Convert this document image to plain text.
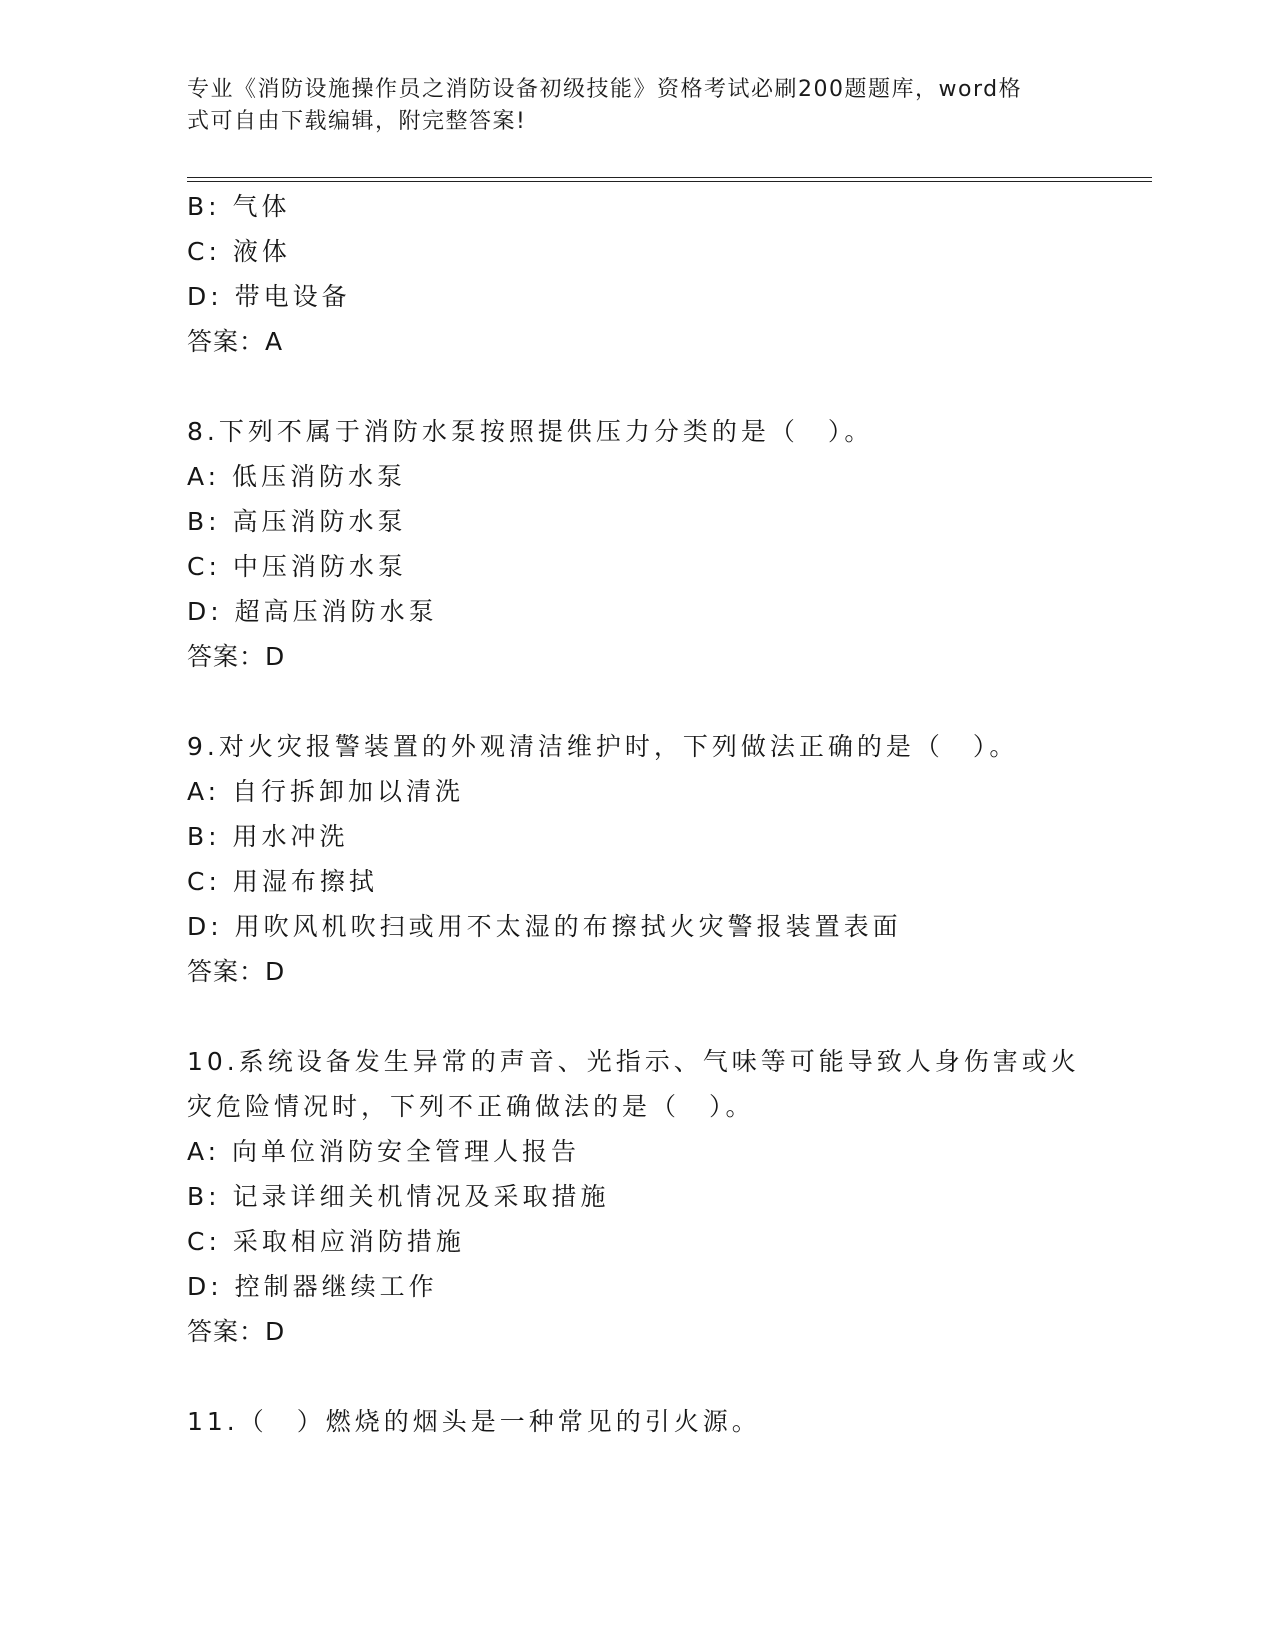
专业《消防设施操作员之消防设备初级技能》资格考试必刷200题题库，word格
式可自由下载编辑，附完整答案!
B: 气体
C: 液体
D: 带电设备
答案：A
8.下列不属于消防水泵按照提供压力分类的是（　）。
A: 低压消防水泵
B: 高压消防水泵
C: 中压消防水泵
D: 超高压消防水泵
答案：D
9.对火灾报警装置的外观清洁维护时，下列做法正确的是（　）。
A: 自行拆卸加以清洗
B: 用水冲洗
C: 用湿布擦拭
D: 用吹风机吹扫或用不太湿的布擦拭火灾警报装置表面
答案：D
10.系统设备发生异常的声音、光指示、气味等可能导致人身伤害或火
灾危险情况时，下列不正确做法的是（　）。
A: 向单位消防安全管理人报告
B: 记录详细关机情况及采取措施
C: 采取相应消防措施
D: 控制器继续工作
答案：D
11.（　）燃烧的烟头是一种常见的引火源。
